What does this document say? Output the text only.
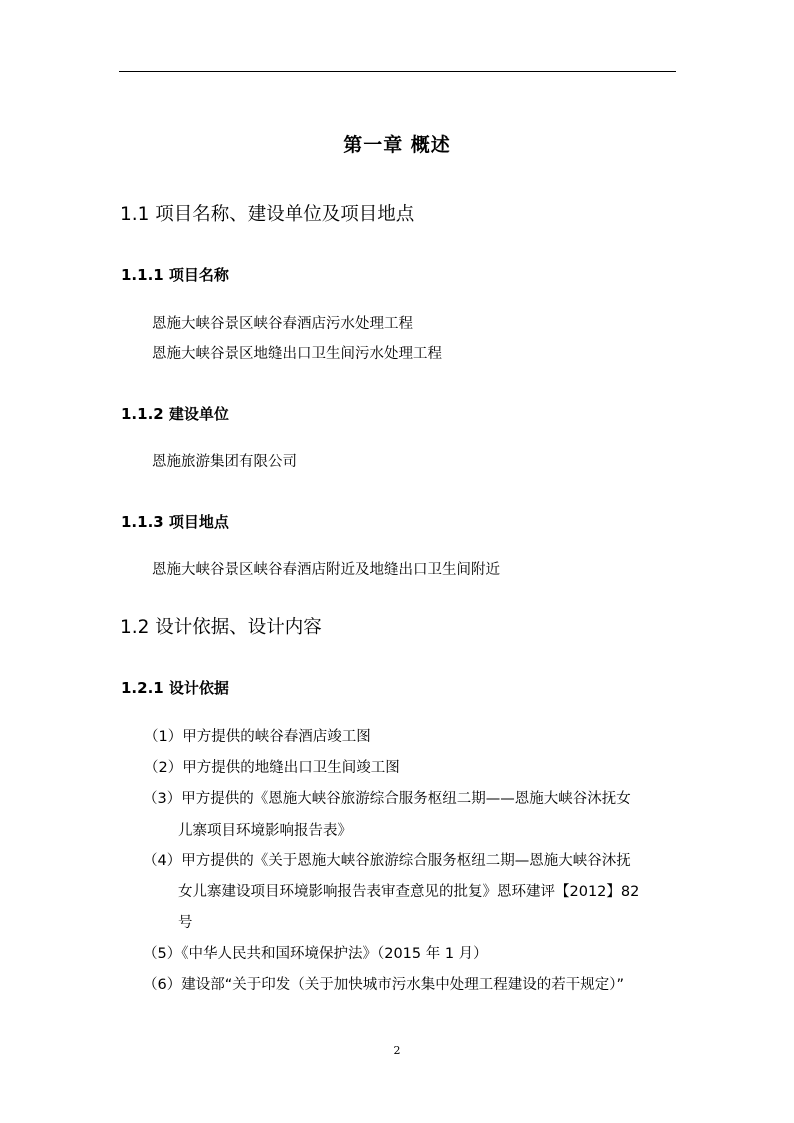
第一章 概述
1.1 项目名称、建设单位及项目地点
1.1.1 项目名称
恩施大峡谷景区峡谷春酒店污水处理工程
恩施大峡谷景区地缝出口卫生间污水处理工程
1.1.2 建设单位
恩施旅游集团有限公司
1.1.3 项目地点
恩施大峡谷景区峡谷春酒店附近及地缝出口卫生间附近
1.2 设计依据、设计内容
1.2.1 设计依据
（1）甲方提供的峡谷春酒店竣工图
（2）甲方提供的地缝出口卫生间竣工图
（3）甲方提供的《恩施大峡谷旅游综合服务枢纽二期——恩施大峡谷沐抚女
儿寨项目环境影响报告表》
（4）甲方提供的《关于恩施大峡谷旅游综合服务枢纽二期—恩施大峡谷沐抚
女儿寨建设项目环境影响报告表审查意见的批复》恩环建评【2012】82
号
（5）《中华人民共和国环境保护法》（2015 年 1 月）
（6）建设部“关于印发（关于加快城市污水集中处理工程建设的若干规定）”
2
